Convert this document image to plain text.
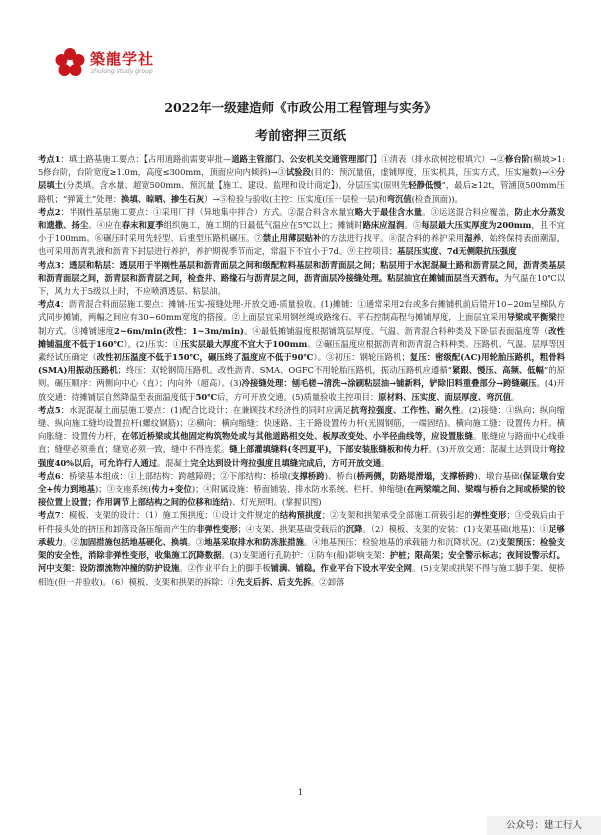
築龍学社
zhulong study group
2022年一级建造师《市政公用工程管理与实务》
考前密押三页纸

考点1：填土路基施工要点：【占用道路前需要审批—道路主管部门、公安机关交通管理部门】①清表（排水砍树挖根填穴）→②修台阶(横坡>1:5修台阶，台阶宽度≥1.0m，高度≤300mm，顶面应向内倾斜)→③试验段(目的：预沉量值，虚铺厚度，压实机具，压实方式，压实遍数)→④分层填土(分类填、含水量、超宽500mm、预沉量【施工、建设、监理和设计商定】)，分层压实(原则先轻静低慢”，最后≥12t，管涵顶500mm压路机；“弹簧土”处理：换填、晾晒、掺生石灰）→⑤检验与验收(主控：压实度(压一层检一层)和弯沉值(检查顶面))。

考点2：半刚性基层施工要点：①采用厂拌（异地集中拌合）方式。②混合料含水量宜略大于最佳含水量。③运送混合料应覆盖，防止水分蒸发和遗撒、扬尘。④应在春末和夏季组织施工，施工期的日最低气温应在5℃以上；摊铺时路床应湿润。⑤每层最大压实厚度为200mm，且不宜小于100mm。⑥碾压时采用先轻型、后重型压路机碾压。⑦禁止用薄层贴补的方法进行找平。⑧混合料的养护采用湿养，始终保持表面潮湿，也可采用沥青乳液和沥青下封层进行养护，养护期视季节而定，常温下不宜小于7d。⑨主控项目：基层压实度、7d无侧限抗压强度

考点3：透层和粘层：透层用于半刚性基层和沥青面层之间和级配粒料基层和沥青面层之间；粘层用于水泥混凝土路和沥青层之间，沥青类基层和沥青面层之间，沥青层和沥青层之间，检查井、路缘石与沥青层之间，沥青面层冷接缝处理。粘层油宜在摊铺面层当天洒布。为气温在10℃以下，风力大于5级以上时，不应喷洒透层、粘层油。

考点4：沥青混合料面层施工要点：摊铺-压实-接缝处理-开放交通-质量验收。(1)摊铺：①通常采用2台或多台摊铺机前后错开10~20m呈梯队方式同步摊铺，两幅之间应有30~60mm宽度的搭接。②上面层宜采用钢丝绳或路缘石、平石控制高程与摊铺厚度，上面层宜采用导梁或平衡梁控制方式。③摊铺速度2~6m/min(改性：1~3m/min)。④最低摊铺温度根据铺筑层厚度、气温、沥青混合料种类及下卧层表面温度等（改性摊铺温度不低于160℃）。(2)压实：①压实层最大厚度不宜大于100mm。②碾压温度应根据沥青和沥青混合料种类、压路机、气温、层厚等因素经试压确定（改性初压温度不低于150℃，碾压终了温度应不低于90℃）。③初压：钢轮压路机；复压：密级配(AC)用轮胎压路机，粗骨料(SMA)用振动压路机；终压：双轮钢筒压路机。改性沥青、SMA、OGFC不用轮胎压路机，振动压路机应遵循“紧跟、慢压、高频、低幅”的原则。碾压顺序：两侧向中心（直）；内向外（超高）。(3)冷接缝处理：刨毛槎→清洗→涂刷粘层油→铺新料，铲除旧料重叠部分→跨缝碾压。(4)开放交通：待摊铺层自然降温至表面温度低于50℃后，方可开放交通。(5)质量验收主控项目：原材料、压实度、面层厚度、弯沉值。

考点5：水泥混凝土面层施工要点：(1)配合比设计：在兼顾技术经济性的同时应满足抗弯拉强度、工作性、耐久性。(2)接缝：①纵向；纵向缩缝、纵向施工缝均设置拉杆(螺纹钢筋)；②横向：横向缩缝：快速路、主干路设置传力杆(光圆钢筋，一端固结)。横向施工缝：设置传力杆。横向胀缝：设置传力杆，在邻近桥梁或其他固定构筑物处或与其他道路相交处、板厚改变处、小半径曲线等，应设置胀缝。胀缝应与路面中心线垂直；缝壁必须垂直；缝宽必须一致，缝中不得连浆。缝上部灌填缝料(冬凹夏平)，下部安装胀缝板和传力杆。(3)开放交通：混凝土达到设计弯拉强度40%以后，可允许行人通过。混凝土完全达到设计弯拉强度且填缝完成后，方可开放交通。

考点6：桥梁基本组成：①上部结构：跨越障碍；②下部结构：桥墩(支撑桥跨)、桥台(桥两侧，防路堤滑塌，支撑桥跨)、墩台基础(保证墩台安全+传力到地基)；③支座系统(传力+变位)；④附属设施：桥面铺装、排水防水系统、栏杆、伸缩缝(在两梁端之间、梁端与桥台之间或桥梁的铰接位置上设置；作用调节上部结构之间的位移和连结)、灯光照明。(掌握识图)

考点7：模板、支架的设计：（1）施工预拱度：①设计文件规定的结构预拱度；②支架和拱架承受全部施工荷载引起的弹性变形；③受载后由于杆件接头处的挤压和卸落设备压缩而产生的非弹性变形；④支架、拱架基础受载后的沉降。（2）模板、支架的安装：(1)支架基础(地基)：①足够承载力。②加固措施包括地基硬化、换填。③地基采取排水和防冻胀措施。④地基预压：检验地基的承载能力和沉降状况。(2)支架预压：检验支架的安全性，消除非弹性变形，收集施工沉降数据。(3)支架通行孔防护：①防车(船)影响支架：护桩；限高架；安全警示标志；夜间设警示灯。河中支架：设防漂流物冲撞的防护设施。②作业平台上的脚手板铺满、铺稳。作业平台下设水平安全网。(5)支架或拱架不得与施工脚手架、便桥相连(但一并验收)。（6）模板、支架和拱架的拆除：①先支后拆、后支先拆。②卸落

1
公众号：建工行人
